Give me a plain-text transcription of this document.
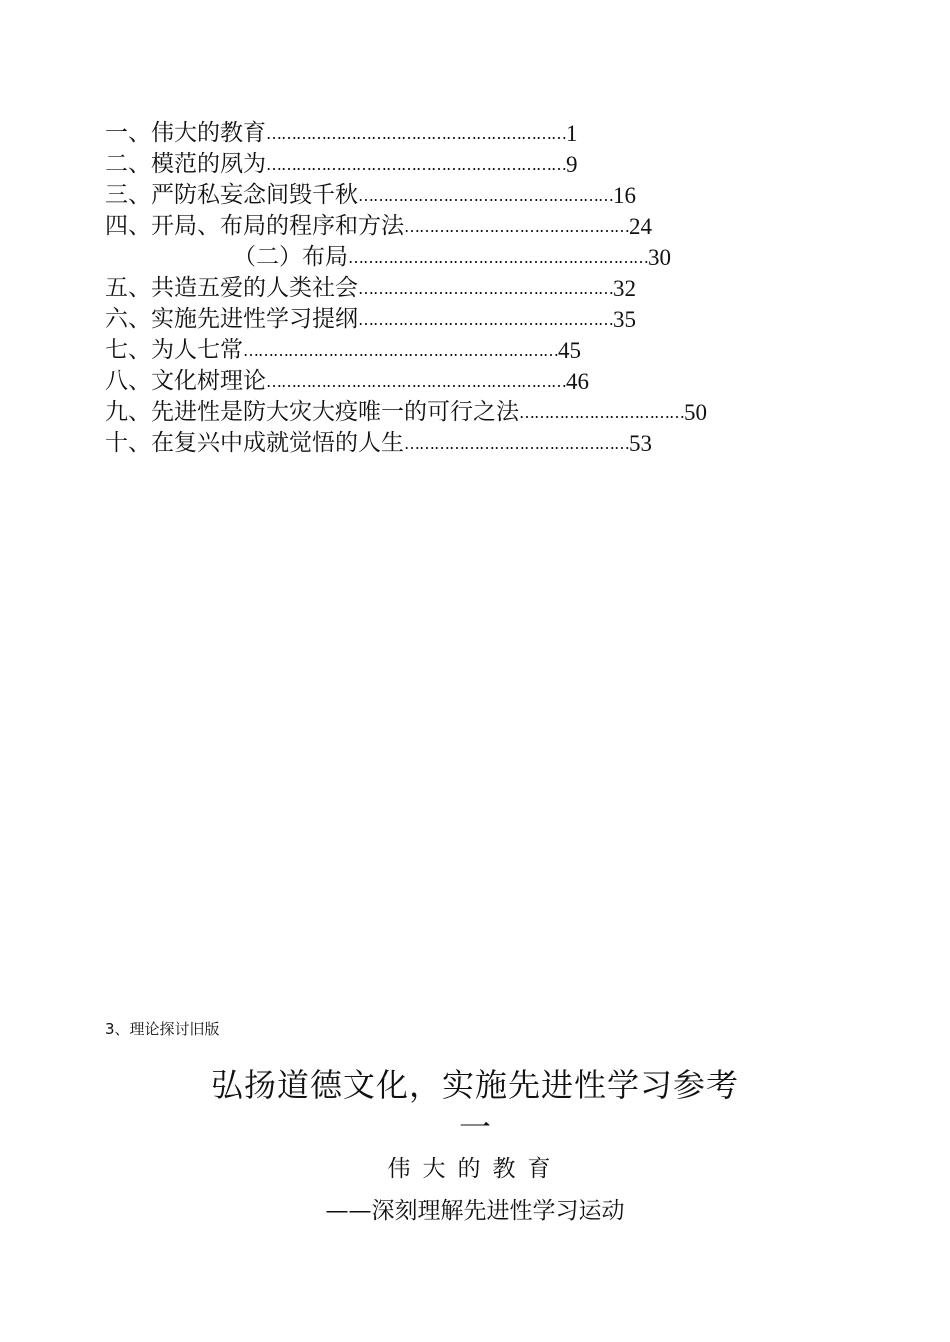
一、伟大的教育 …………………………………………………… 1
二、模范的夙为 …………………………………………………… 9
三、严防私妄念间毁千秋 …………………………………………… 16
四、开局、布局的程序和方法 ……………………………………… 24
（二）布局 …………………………………………………… 30
五、共造五爱的人类社会 …………………………………………… 32
六、实施先进性学习提纲 …………………………………………… 35
七、为人七常 ……………………………………………………… 45
八、文化树理论 …………………………………………………… 46
九、先进性是防大灾大疫唯一的可行之法 …………………………… 50
十、在复兴中成就觉悟的人生 ……………………………………… 53
3、理论探讨旧版
弘扬道德文化，实施先进性学习参考
一
伟大的教育
——深刻理解先进性学习运动
